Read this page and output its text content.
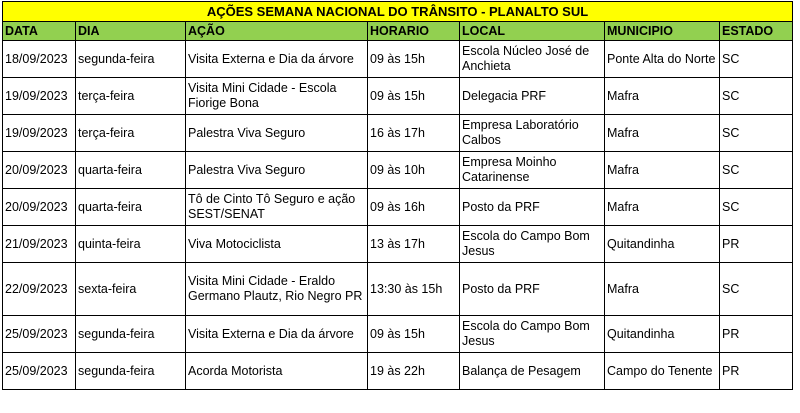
AÇÕES SEMANA NACIONAL DO TRÂNSITO - PLANALTO SUL						
DATA	DIA	AÇÃO	HORARIO	LOCAL	MUNICIPIO	ESTADO
18/09/2023	segunda-feira	Visita Externa e Dia da árvore	09 às 15h	Escola Núcleo José de Anchieta	Ponte Alta do Norte	SC
19/09/2023	terça-feira	Visita Mini Cidade - Escola Fiorige Bona	09 às 15h	Delegacia PRF	Mafra	SC
19/09/2023	terça-feira	Palestra Viva Seguro	16 às 17h	Empresa Laboratório Calbos	Mafra	SC
20/09/2023	quarta-feira	Palestra Viva Seguro	09 às 10h	Empresa Moinho Catarinense	Mafra	SC
20/09/2023	quarta-feira	Tô de Cinto Tô Seguro e ação SEST/SENAT	09 às 16h	Posto da PRF	Mafra	SC
21/09/2023	quinta-feira	Viva Motociclista	13 às 17h	Escola do Campo Bom Jesus	Quitandinha	PR
22/09/2023	sexta-feira	Visita Mini Cidade - Eraldo Germano Plautz, Rio Negro PR	13:30 às 15h	Posto da PRF	Mafra	SC
25/09/2023	segunda-feira	Visita Externa e Dia da árvore	09 às 15h	Escola do Campo Bom Jesus	Quitandinha	PR
25/09/2023	segunda-feira	Acorda Motorista	19 às 22h	Balança de Pesagem	Campo do Tenente	PR
